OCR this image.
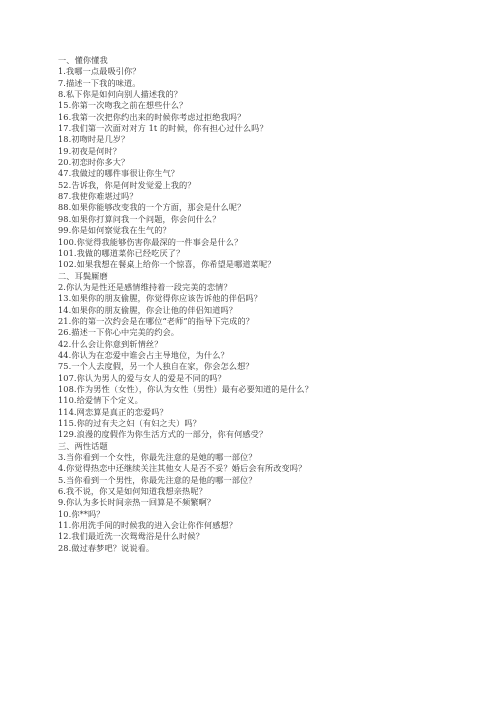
一、懂你懂我
1.我哪一点最吸引你？
7.描述一下我的味道。
8.私下你是如何向别人描述我的？
15.你第一次吻我之前在想些什么？
16.我第一次把你约出来的时候你考虑过拒绝我吗？
17.我们第一次面对对方 1t 的时候，你有担心过什么吗？
18.初吻时是几岁？
19.初夜是何时？
20.初恋时你多大？
47.我做过的哪件事很让你生气？
52.告诉我，你是何时发觉爱上我的？
87.我使你难堪过吗？
88.如果你能够改变我的一个方面，那会是什么呢？
98.如果你打算问我一个问题，你会问什么？
99.你是如何察觉我在生气的？
100.你觉得我能够伤害你最深的一件事会是什么？
101.我做的哪道菜你已经吃厌了？
102.如果我想在餐桌上给你一个惊喜，你希望是哪道菜呢？
二、耳鬓厮磨
2.你认为是性还是感情维持着一段完美的恋情？
13.如果你的朋友偷腥，你觉得你应该告诉他的伴侣吗？
14.如果你的朋友偷腥，你会让他的伴侣知道吗？
21.你的第一次约会是在哪位“老师”的指导下完成的？
26.描述一下你心中完美的约会。
42.什么会让你意到斩情丝？
44.你认为在恋爱中谁会占主导地位，为什么？
75.一个人去度假，另一个人独自在家，你会怎么想？
107.你认为男人的爱与女人的爱是不同的吗？
108.作为男性（女性），你认为女性（男性）最有必要知道的是什么？
110.给爱情下个定义。
114.网恋算是真正的恋爱吗？
115.你的过有夫之妇（有妇之夫）吗？
129.浪漫的度假作为你生活方式的一部分，你有何感受？
三、两性话题
3.当你看到一个女性，你最先注意的是她的哪一部位？
4.你觉得热恋中还继续关注其他女人是否不妥？婚后会有所改变吗？
5.当你看到一个男性，你最先注意的是他的哪一部位？
6.我不说，你又是如何知道我想亲热呢？
9.你认为多长时间亲热一回算是不频繁啊？
10.你**吗？
11.你用洗手间的时候我的进入会让你作何感想？
12.我们最近洗一次鸳鸯浴是什么时候？
28.做过春梦吧？说说看。
